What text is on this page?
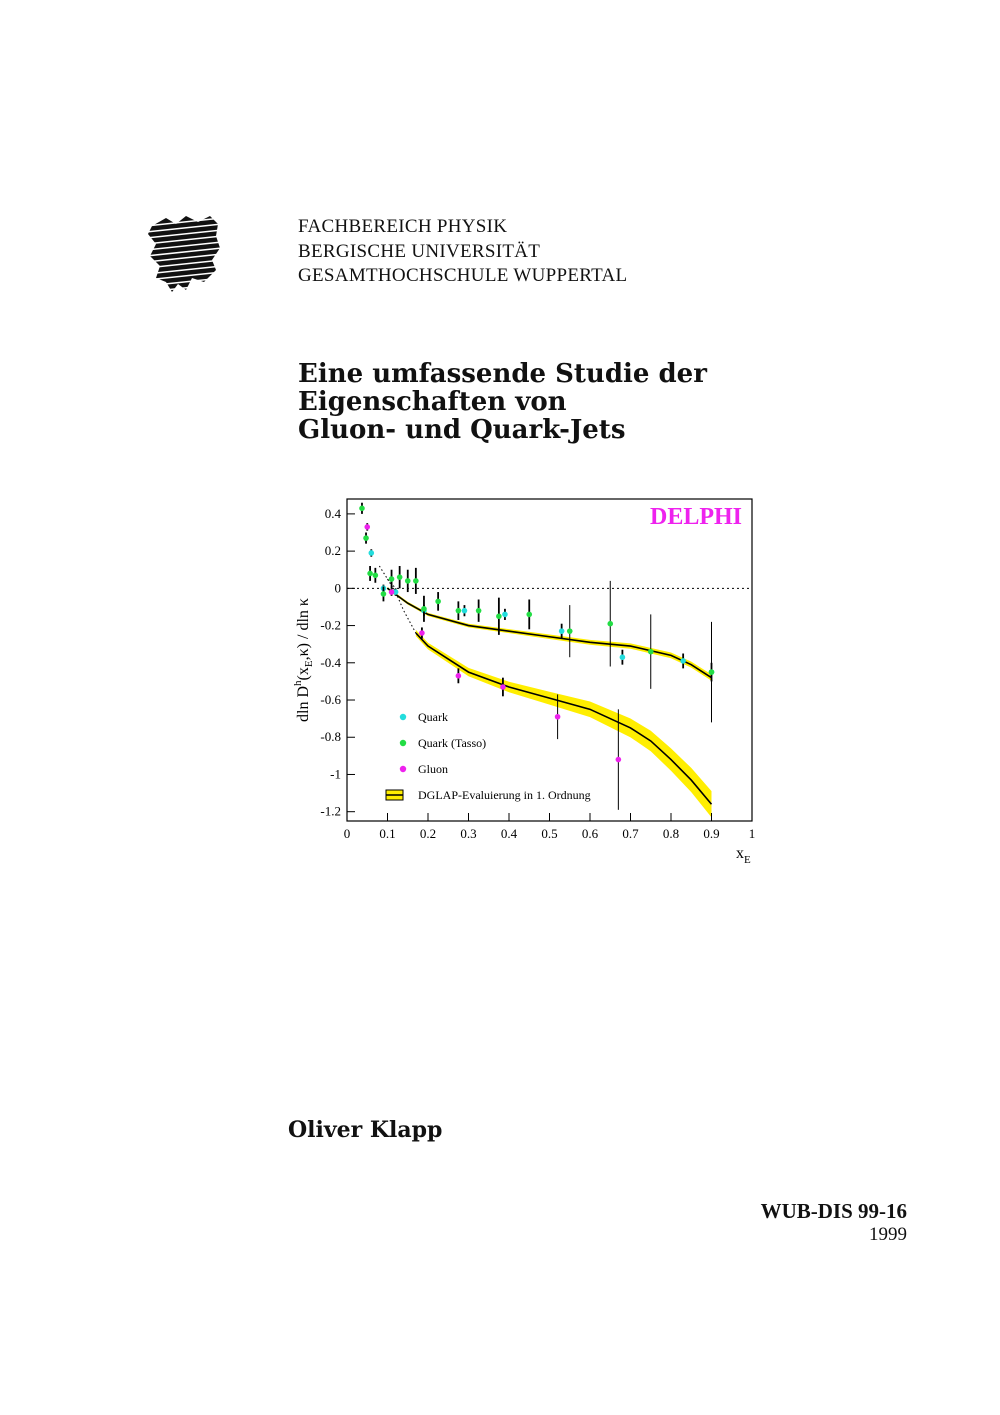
FACHBEREICH PHYSIK
BERGISCHE UNIVERSITÄT
GESAMTHOCHSCHULE WUPPERTAL
Eine umfassende Studie der
Eigenschaften von
Gluon- und Quark-Jets
0 0.1 0.2 0.3 0.4 0.5 0.6 0.7 0.8 0.9 1
0.4
0.2
0
-0.2
-0.4
-0.6
-0.8
-1
-1.2
DELPHI
dln $D^h(x_E,\kappa)$ / dln κ
$x_E$
Quark
Quark (Tasso)
Gluon
DGLAP-Evaluierung in 1. Ordnung
Oliver Klapp
WUB-DIS 99-16
1999
